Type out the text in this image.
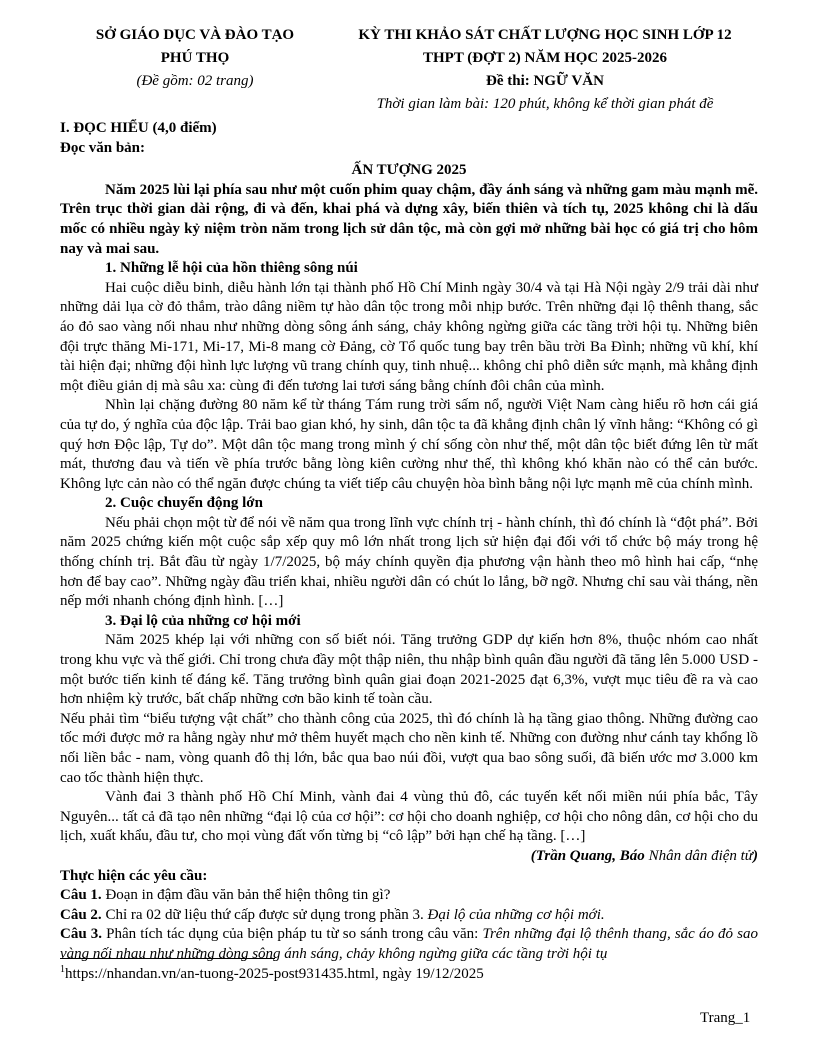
SỞ GIÁO DỤC VÀ ĐÀO TẠO
PHÚ THỌ
(Đề gồm: 02 trang)
KỲ THI KHẢO SÁT CHẤT LƯỢNG HỌC SINH LỚP 12
THPT (ĐỢT 2) NĂM HỌC 2025-2026
Đề thi: NGỮ VĂN
Thời gian làm bài: 120 phút, không kể thời gian phát đề

I. ĐỌC HIỂU (4,0 điểm)

Đọc văn bản:

ẤN TƯỢNG 2025

Năm 2025 lùi lại phía sau như một cuốn phim quay chậm, đầy ánh sáng và những gam màu mạnh mẽ. Trên trục thời gian dài rộng, đi và đến, khai phá và dựng xây, biến thiên và tích tụ, 2025 không chỉ là dấu mốc có nhiều ngày kỷ niệm tròn năm trong lịch sử dân tộc, mà còn gợi mở những bài học có giá trị cho hôm nay và mai sau.

1. Những lễ hội của hồn thiêng sông núi

Hai cuộc diễu binh, diễu hành lớn tại thành phố Hồ Chí Minh ngày 30/4 và tại Hà Nội ngày 2/9 trải dài như những dải lụa cờ đỏ thắm, trào dâng niềm tự hào dân tộc trong mỗi nhịp bước. Trên những đại lộ thênh thang, sắc áo đỏ sao vàng nối nhau như những dòng sông ánh sáng, chảy không ngừng giữa các tầng trời hội tụ. Những biên đội trực thăng Mi-171, Mi-17, Mi-8 mang cờ Đảng, cờ Tổ quốc tung bay trên bầu trời Ba Đình; những vũ khí, khí tài hiện đại; những đội hình lực lượng vũ trang chính quy, tinh nhuệ... không chỉ phô diễn sức mạnh, mà khẳng định một điều giản dị mà sâu xa: cùng đi đến tương lai tươi sáng bằng chính đôi chân của mình.

Nhìn lại chặng đường 80 năm kể từ tháng Tám rung trời sấm nổ, người Việt Nam càng hiểu rõ hơn cái giá của tự do, ý nghĩa của độc lập. Trải bao gian khó, hy sinh, dân tộc ta đã khẳng định chân lý vĩnh hằng: “Không có gì quý hơn Độc lập, Tự do”. Một dân tộc mang trong mình ý chí sống còn như thế, một dân tộc biết đứng lên từ mất mát, thương đau và tiến về phía trước bằng lòng kiên cường như thế, thì không khó khăn nào có thể cản bước. Không lực cản nào có thể ngăn được chúng ta viết tiếp câu chuyện hòa bình bằng nội lực mạnh mẽ của chính mình.

2. Cuộc chuyển động lớn

Nếu phải chọn một từ để nói về năm qua trong lĩnh vực chính trị - hành chính, thì đó chính là “đột phá”. Bởi năm 2025 chứng kiến một cuộc sắp xếp quy mô lớn nhất trong lịch sử hiện đại đối với tổ chức bộ máy trong hệ thống chính trị. Bắt đầu từ ngày 1/7/2025, bộ máy chính quyền địa phương vận hành theo mô hình hai cấp, “nhẹ hơn để bay cao”. Những ngày đầu triển khai, nhiều người dân có chút lo lắng, bỡ ngỡ. Nhưng chỉ sau vài tháng, nền nếp mới nhanh chóng định hình. […]

3. Đại lộ của những cơ hội mới

Năm 2025 khép lại với những con số biết nói. Tăng trưởng GDP dự kiến hơn 8%, thuộc nhóm cao nhất trong khu vực và thế giới. Chỉ trong chưa đầy một thập niên, thu nhập bình quân đầu người đã tăng lên 5.000 USD - một bước tiến kinh tế đáng kể. Tăng trưởng bình quân giai đoạn 2021-2025 đạt 6,3%, vượt mục tiêu đề ra và cao hơn nhiệm kỳ trước, bất chấp những cơn bão kinh tế toàn cầu.

Nếu phải tìm “biểu tượng vật chất” cho thành công của 2025, thì đó chính là hạ tầng giao thông. Những đường cao tốc mới được mở ra hằng ngày như mở thêm huyết mạch cho nền kinh tế. Những con đường như cánh tay khổng lồ nối liền bắc - nam, vòng quanh đô thị lớn, bắc qua bao núi đồi, vượt qua bao sông suối, đã biến ước mơ 3.000 km cao tốc thành hiện thực.

Vành đai 3 thành phố Hồ Chí Minh, vành đai 4 vùng thủ đô, các tuyến kết nối miền núi phía bắc, Tây Nguyên... tất cả đã tạo nên những “đại lộ của cơ hội”: cơ hội cho doanh nghiệp, cơ hội cho nông dân, cơ hội cho du lịch, xuất khẩu, đầu tư, cho mọi vùng đất vốn từng bị “cô lập” bởi hạn chế hạ tầng. […]

(Trần Quang, Báo Nhân dân điện tử)

Thực hiện các yêu cầu:

Câu 1. Đoạn in đậm đầu văn bản thể hiện thông tin gì?

Câu 2. Chỉ ra 02 dữ liệu thứ cấp được sử dụng trong phần 3. Đại lộ của những cơ hội mới.

Câu 3. Phân tích tác dụng của biện pháp tu từ so sánh trong câu văn: Trên những đại lộ thênh thang, sắc áo đỏ sao vàng nối nhau như những dòng sông ánh sáng, chảy không ngừng giữa các tầng trời hội tụ

$^1$https://nhandan.vn/an-tuong-2025-post931435.html, ngày 19/12/2025
Trang_1
